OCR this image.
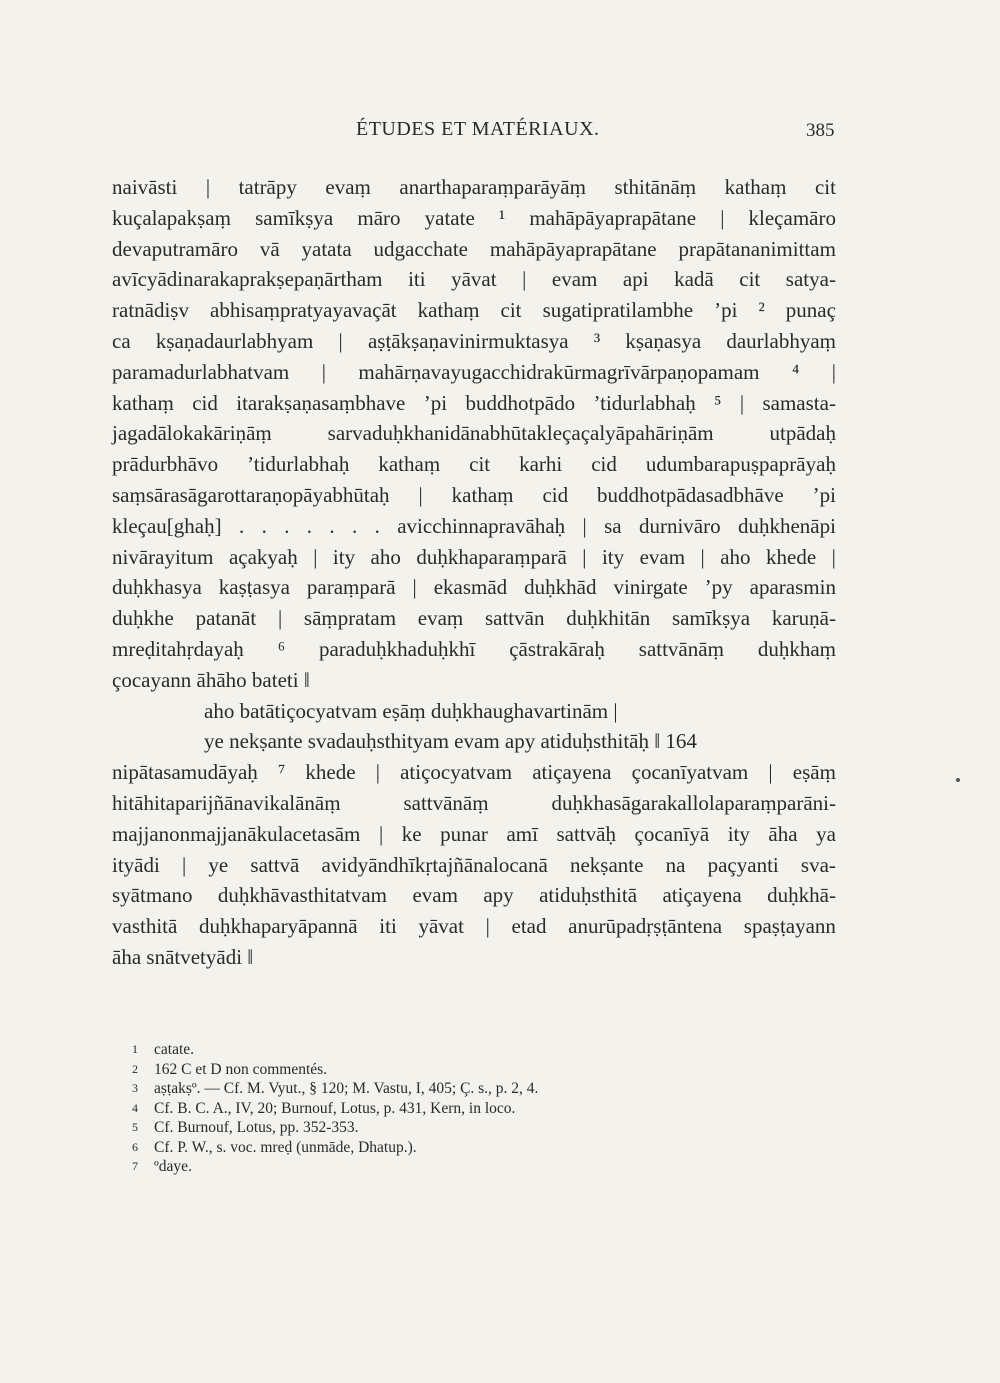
ÉTUDES ET MATÉRIAUX.	385
naivāsti | tatrāpy evaṃ anarthaparaṃparāyāṃ sthitānāṃ kathaṃ cit
kuçalapakṣaṃ samīkṣya māro yatate ¹ mahāpāyaprapātane | kleçamāro
devaputramāro vā yatata udgacchate mahāpāyaprapātane prapātananimittam
avīcyādinarakaprakṣepaṇārtham iti yāvat | evam api kadā cit satya-
ratnādiṣv abhisaṃpratyayavaçāt kathaṃ cit sugatipratilambhe ’pi ² punaç
ca kṣaṇadaurlabhyam | aṣṭākṣaṇavinirmuktasya ³ kṣaṇasya daurlabhyaṃ
paramadurlabhatvam | mahārṇavayugacchidrakūrmagrīvārpaṇopamam ⁴ |
kathaṃ cid itarakṣaṇasaṃbhave ’pi buddhotpādo ’tidurlabhaḥ ⁵ | samasta-
jagadālokakāriṇāṃ	sarvaduḥkhanidānabhūtakleçaçalyāpahāriṇām	utpādaḥ
prādurbhāvo ’tidurlabhaḥ kathaṃ cit karhi cid udumbarapuṣpaprāyaḥ
saṃsārasāgarottaraṇopāyabhūtaḥ | kathaṃ cid buddhotpādasadbhāve ’pi
kleçau[ghaḥ] . . . . . . . avicchinnapravāhaḥ | sa durnivāro duḥkhenāpi
nivārayitum açakyaḥ | ity aho duḥkhaparaṃparā | ity evam | aho khede |
duḥkhasya kaṣṭasya paraṃparā | ekasmād duḥkhād vinirgate ’py aparasmin
duḥkhe patanāt | sāṃpratam evaṃ sattvān duḥkhitān samīkṣya karuṇā-
mreḍitahṛdayaḥ ⁶ paraduḥkhaduḥkhī çāstrakāraḥ sattvānāṃ duḥkhaṃ
çocayann āhāho bateti ‖
aho batātiçocyatvam eṣāṃ duḥkhaughavartinām |
ye nekṣante svadauḥsthityam evam apy atiduḥsthitāḥ ‖ 164
nipātasamudāyaḥ ⁷ khede | atiçocyatvam atiçayena çocanīyatvam | eṣāṃ
hitāhitaparijñānavikalānāṃ	sattvānāṃ	duḥkhasāgarakallolaparaṃparāni-
majjanonmajjanākulacetasām | ke punar amī sattvāḥ çocanīyā ity āha ya
ityādi | ye sattvā avidyāndhīkṛtajñānalocanā nekṣante na paçyanti sva-
syātmano duḥkhāvasthitatvam evam apy atiduḥsthitā atiçayena duḥkhā-
vasthitā duḥkhaparyāpannā iti yāvat | etad anurūpadṛṣṭāntena spaṣṭayann
āha snātvetyādi ‖
1 catate.
2 162 C et D non commentés.
3 aṣṭakṣº. — Cf. M. Vyut., § 120; M. Vastu, I, 405; Ç. s., p. 2, 4.
4 Cf. B. C. A., IV, 20; Burnouf, Lotus, p. 431, Kern, in loco.
5 Cf. Burnouf, Lotus, pp. 352-353.
6 Cf. P. W., s. voc. mreḍ (unmāde, Dhatup.).
7 ºdaye.
